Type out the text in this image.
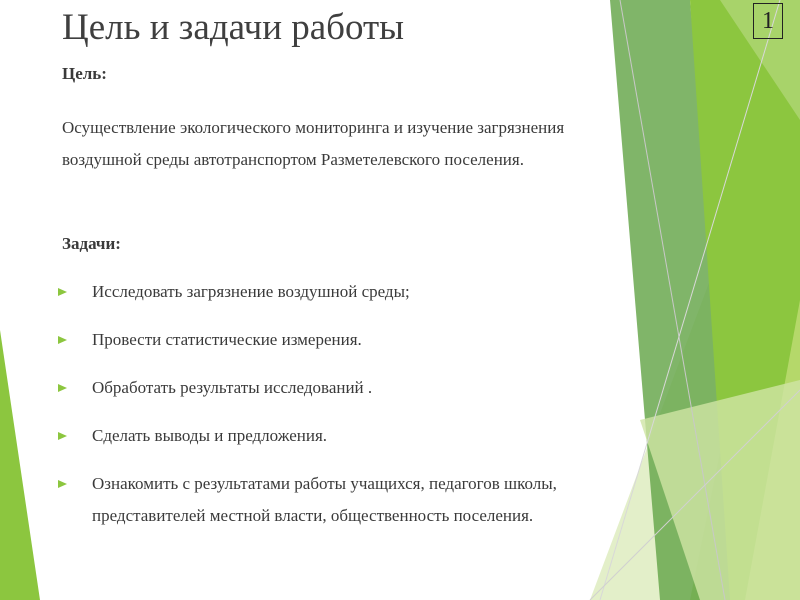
Цель и задачи работы	1
Цель:
Осуществление экологического мониторинга и изучение загрязнения воздушной среды автотранспортом Разметелевского поселения.
Задачи:
Исследовать загрязнение воздушной среды;
Провести статистические измерения.
Обработать результаты исследований .
Сделать выводы и предложения.
Ознакомить с результатами работы учащихся, педагогов школы, представителей местной власти, общественность поселения.
